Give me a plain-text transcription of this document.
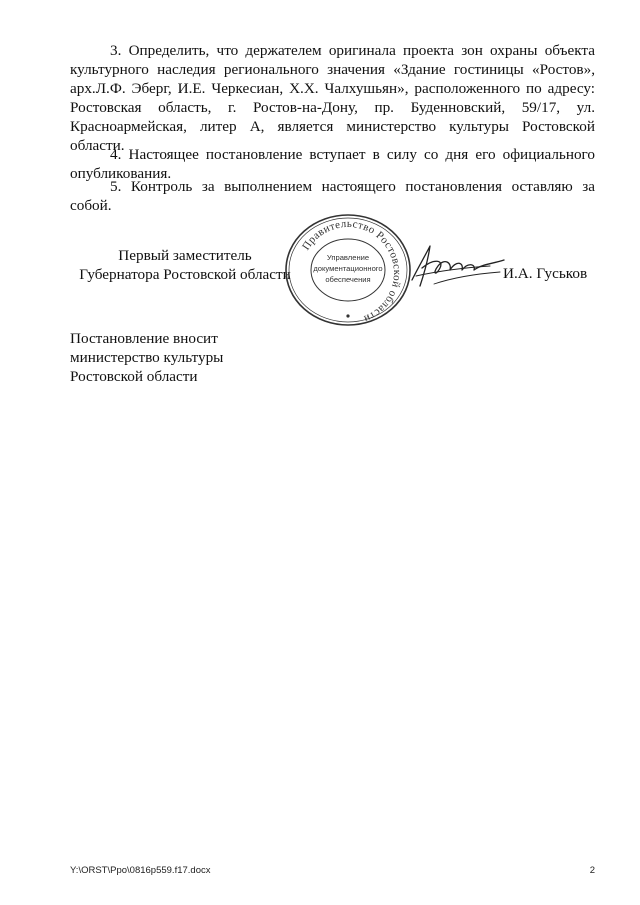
3. Определить, что держателем оригинала проекта зон охраны объекта культурного наследия регионального значения «Здание гостиницы «Ростов», арх.Л.Ф. Эберг, И.Е. Черкесиан, Х.Х. Чалхушьян», расположенного по адресу: Ростовская область, г. Ростов-на-Дону, пр. Буденновский, 59/17, ул. Красноармейская, литер А, является министерство культуры Ростовской области.

4. Настоящее постановление вступает в силу со дня его официального опубликования.

5. Контроль за выполнением настоящего постановления оставляю за собой.

Первый заместитель
Губернатора Ростовской области	И.А. Гуськов
Правительство Ростовской области
Управление
документационного
обеспечения
Постановление вносит
министерство культуры
Ростовской области
Y:\ORST\Ppo\0816p559.f17.docx	2
